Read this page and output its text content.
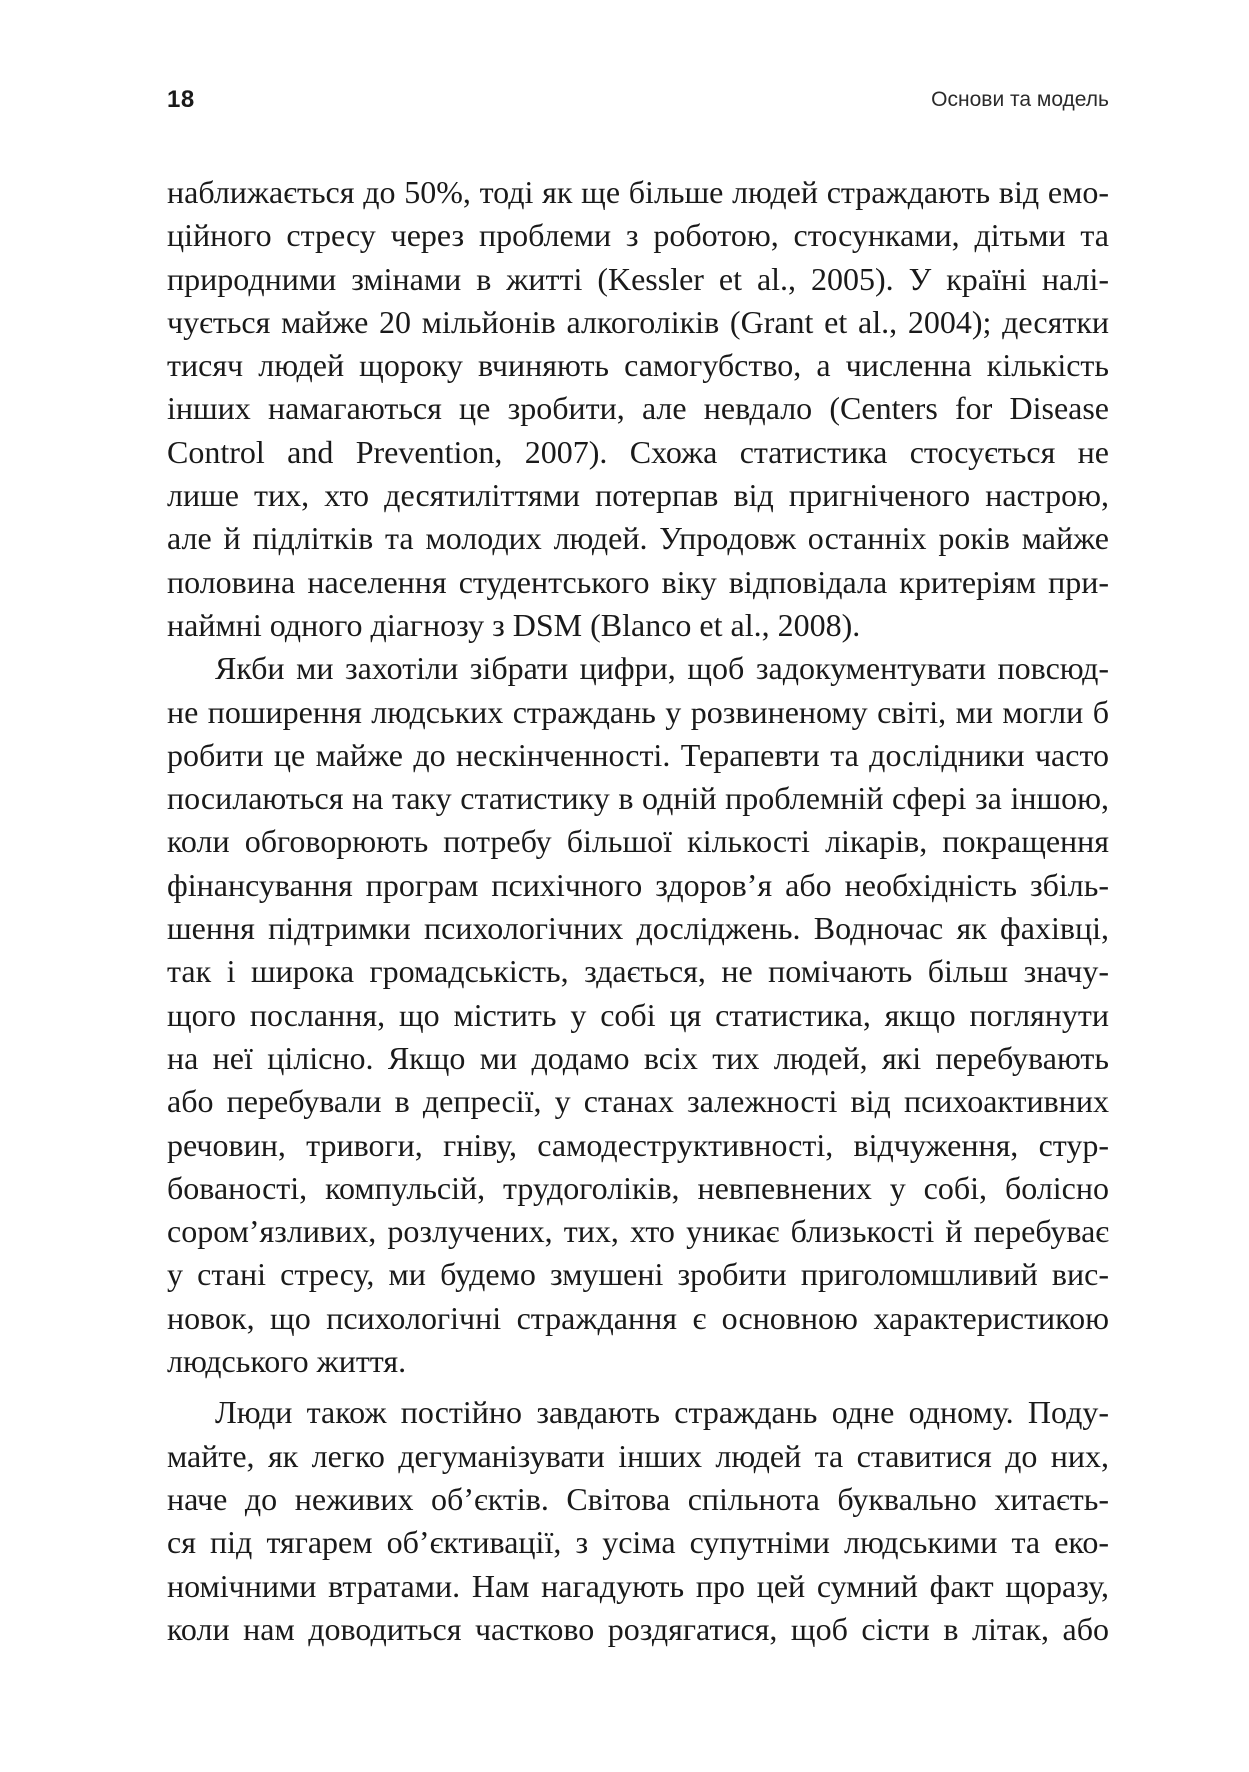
18	Основи та модель
наближається до 50%, тоді як ще більше людей страждають від емо-
ційного стресу через проблеми з роботою, стосунками, дітьми та
природними змінами в житті (Kessler et al., 2005). У країні налі-
чується майже 20 мільйонів алкоголіків (Grant et al., 2004); десятки
тисяч людей щороку вчиняють самогубство, а численна кількість
інших намагаються це зробити, але невдало (Centers for Disease
Control and Prevention, 2007). Схожа статистика стосується не
лише тих, хто десятиліттями потерпав від пригніченого настрою,
але й підлітків та молодих людей. Упродовж останніх років майже
половина населення студентського віку відповідала критеріям при-
наймні одного діагнозу з DSM (Blanco et al., 2008).
Якби ми захотіли зібрати цифри, щоб задокументувати повсюд-
не поширення людських страждань у розвиненому світі, ми могли б
робити це майже до нескінченності. Терапевти та дослідники часто
посилаються на таку статистику в одній проблемній сфері за іншою,
коли обговорюють потребу більшої кількості лікарів, покращення
фінансування програм психічного здоров’я або необхідність збіль-
шення підтримки психологічних досліджень. Водночас як фахівці,
так і широка громадськість, здається, не помічають більш значу-
щого послання, що містить у собі ця статистика, якщо поглянути
на неї цілісно. Якщо ми додамо всіх тих людей, які перебувають
або перебували в депресії, у станах залежності від психоактивних
речовин, тривоги, гніву, самодеструктивності, відчуження, стур-
бованості, компульсій, трудоголіків, невпевнених у собі, болісно
сором’язливих, розлучених, тих, хто уникає близькості й перебуває
у стані стресу, ми будемо змушені зробити приголомшливий вис-
новок, що психологічні страждання є основною характеристикою
людського життя.
Люди також постійно завдають страждань одне одному. Поду-
майте, як легко дегуманізувати інших людей та ставитися до них,
наче до неживих об’єктів. Світова спільнота буквально хитаєть-
ся під тягарем об’єктивації, з усіма супутніми людськими та еко-
номічними втратами. Нам нагадують про цей сумний факт щоразу,
коли нам доводиться частково роздягатися, щоб сісти в літак, або
